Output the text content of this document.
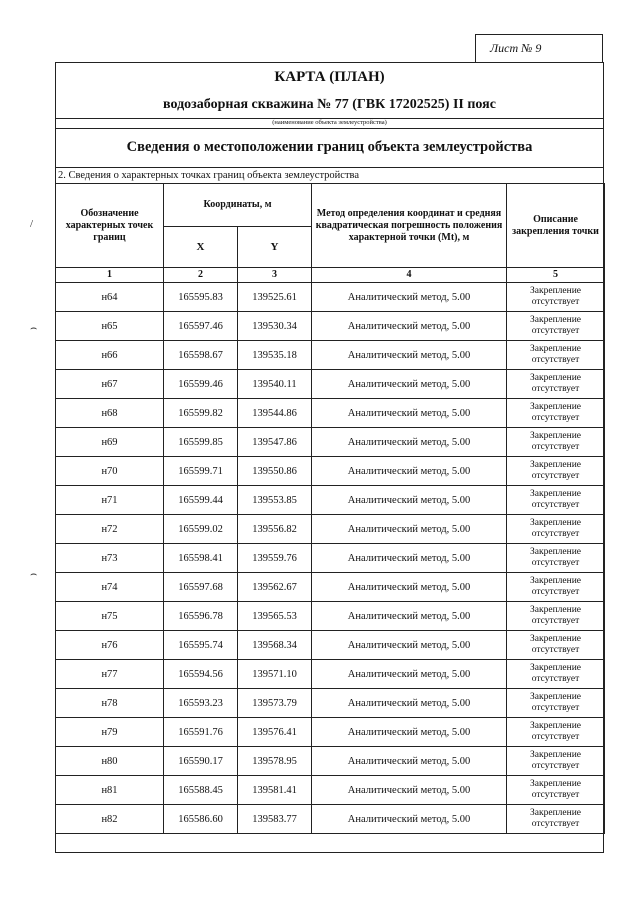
Лист № 9
КАРТА (ПЛАН)
водозаборная скважина № 77 (ГВК 17202525) II пояс
(наименование объекта землеустройства)
Сведения о местоположении границ объекта землеустройства
2. Сведения о характерных точках границ объекта землеустройства
Обозначение характерных точек границ	Координаты, м		Метод определения координат и средняя квадратическая погрешность положения характерной точки (Mt), м	Описание закрепления точки
	X	Y		
1	2	3	4	5
н64	165595.83	139525.61	Аналитический метод, 5.00	Закрепление
отсутствует

н65	165597.46	139530.34	Аналитический метод, 5.00	Закрепление
отсутствует

н66	165598.67	139535.18	Аналитический метод, 5.00	Закрепление
отсутствует

н67	165599.46	139540.11	Аналитический метод, 5.00	Закрепление
отсутствует

н68	165599.82	139544.86	Аналитический метод, 5.00	Закрепление
отсутствует

н69	165599.85	139547.86	Аналитический метод, 5.00	Закрепление
отсутствует

н70	165599.71	139550.86	Аналитический метод, 5.00	Закрепление
отсутствует

н71	165599.44	139553.85	Аналитический метод, 5.00	Закрепление
отсутствует

н72	165599.02	139556.82	Аналитический метод, 5.00	Закрепление
отсутствует

н73	165598.41	139559.76	Аналитический метод, 5.00	Закрепление
отсутствует

н74	165597.68	139562.67	Аналитический метод, 5.00	Закрепление
отсутствует

н75	165596.78	139565.53	Аналитический метод, 5.00	Закрепление
отсутствует

н76	165595.74	139568.34	Аналитический метод, 5.00	Закрепление
отсутствует

н77	165594.56	139571.10	Аналитический метод, 5.00	Закрепление
отсутствует

н78	165593.23	139573.79	Аналитический метод, 5.00	Закрепление
отсутствует

н79	165591.76	139576.41	Аналитический метод, 5.00	Закрепление
отсутствует

н80	165590.17	139578.95	Аналитический метод, 5.00	Закрепление
отсутствует

н81	165588.45	139581.41	Аналитический метод, 5.00	Закрепление
отсутствует

н82	165586.60	139583.77	Аналитический метод, 5.00	Закрепление
отсутствует
/
⌢
⌢
